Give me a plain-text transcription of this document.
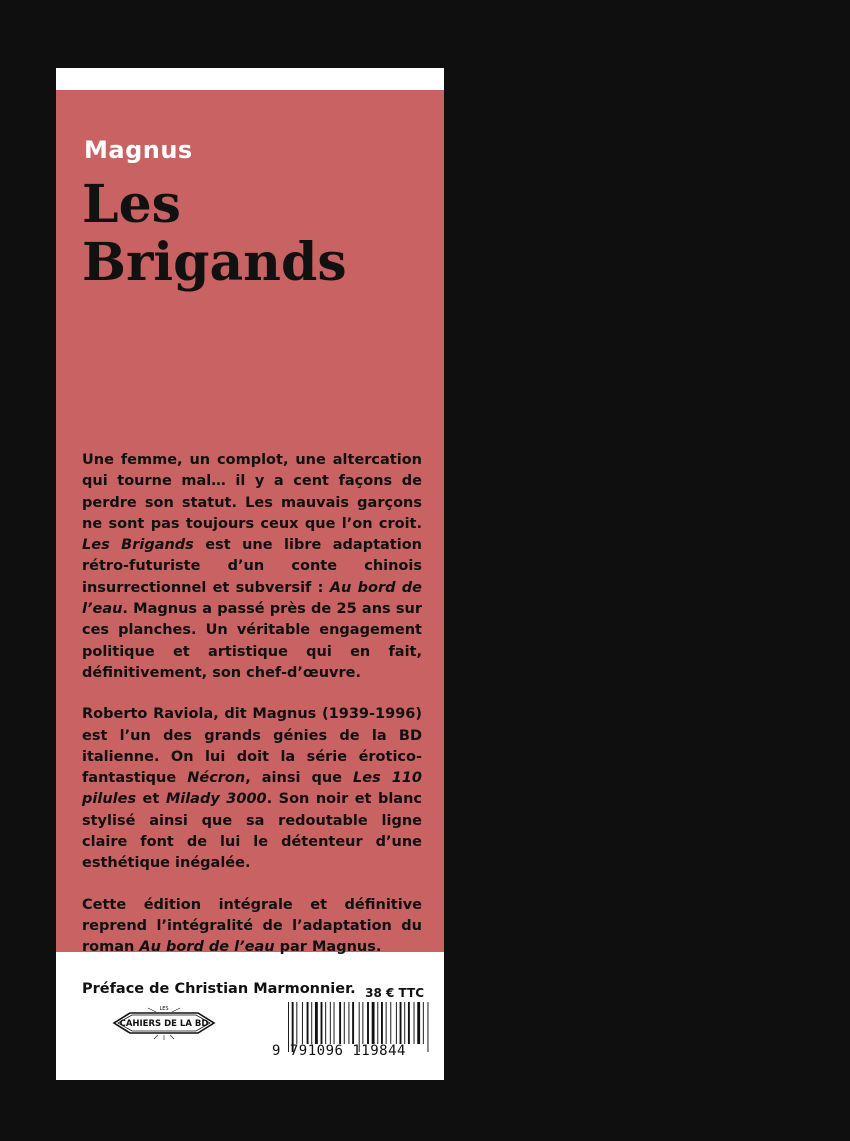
Magnus
Les
Brigands

Une femme, un complot, une altercation qui tourne mal… il y a cent façons de perdre son statut. Les mauvais garçons ne sont pas toujours ceux que l’on croit. Les Brigands est une libre adaptation rétro-futuriste d’un conte chinois insurrectionnel et subversif : Au bord de l’eau. Magnus a passé près de 25 ans sur ces planches. Un véritable engagement politique et artistique qui en fait, définitivement, son chef-d’œuvre.

Roberto Raviola, dit Magnus (1939-1996) est l’un des grands génies de la BD italienne. On lui doit la série érotico-fantastique Nécron, ainsi que Les 110 pilules et Milady 3000. Son noir et blanc stylisé ainsi que sa redoutable ligne claire font de lui le détenteur d’une esthétique inégalée.

Cette édition intégrale et définitive reprend l’intégralité de l’adaptation du roman Au bord de l’eau par Magnus.

Préface de Christian Marmonnier. 38 € TTC

LES
CAHIERS DE LA BD

9 791096 119844
